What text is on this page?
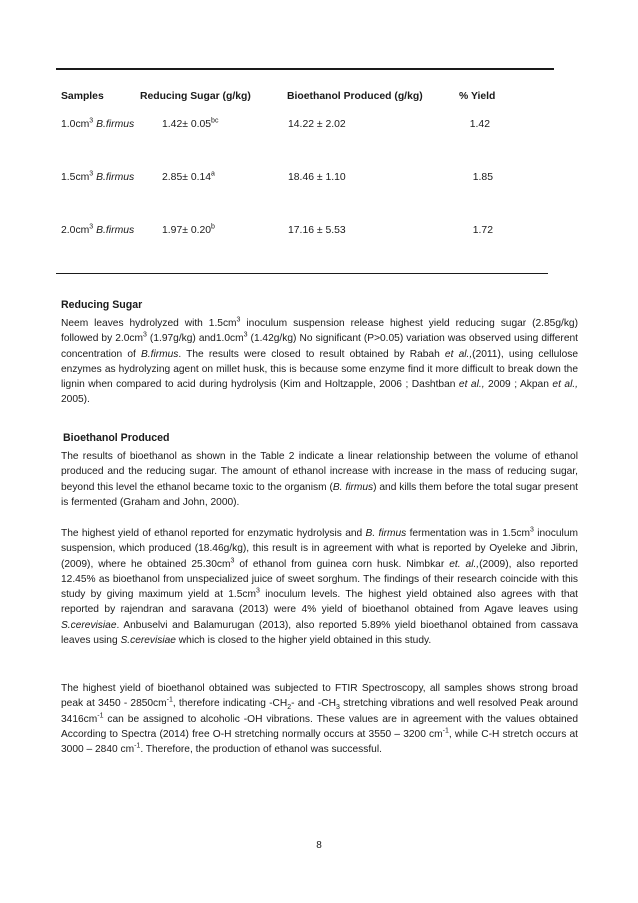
Samples	Reducing Sugar (g/kg)	Bioethanol Produced (g/kg)	% Yield
$1.0cm^3$ B.firmus	1.42± 0.05$^{bc}$	14.22 ± 2.02	1.42
$1.5cm^3$ B.firmus	2.85± 0.14$^a$	18.46 ± 1.10	1.85
$2.0cm^3$ B.firmus	1.97± 0.20$^b$	17.16 ± 5.53	1.72
Reducing Sugar

Neem leaves hydrolyzed with $1.5cm^3$ inoculum suspension release highest yield reducing sugar (2.85g/kg) followed by $2.0cm^3$ (1.97g/kg) $and1.0cm^3$ (1.42g/kg) No significant (P>0.05) variation was observed using different concentration of B.firmus. The results were closed to result obtained by Rabah et al.,(2011), using cellulose enzymes as hydrolyzing agent on millet husk, this is because some enzyme find it more difficult to break down the lignin when compared to acid during hydrolysis (Kim and Holtzapple, 2006 ; Dashtban et al., 2009 ; Akpan et al., 2005).

Bioethanol Produced

The results of bioethanol as shown in the Table 2 indicate a linear relationship between the volume of ethanol produced and the reducing sugar. The amount of ethanol increase with increase in the mass of reducing sugar, beyond this level the ethanol became toxic to the organism (B. firmus) and kills them before the total sugar present is fermented (Graham and John, 2000).

The highest yield of ethanol reported for enzymatic hydrolysis and B. firmus fermentation was in $1.5cm^3$ inoculum suspension, which produced (18.46g/kg), this result is in agreement with what is reported by Oyeleke and Jibrin, (2009), where he obtained $25.30cm^3$ of ethanol from guinea corn husk. Nimbkar et. al.,(2009), also reported 12.45% as bioethanol from unspecialized juice of sweet sorghum. The findings of their research coincide with this study by giving maximum yield at $1.5cm^3$ inoculum levels. The highest yield obtained also agrees with that reported by rajendran and saravana (2013) were 4% yield of bioethanol obtained from Agave leaves using S.cerevisiae. Anbuselvi and Balamurugan (2013), also reported 5.89% yield bioethanol obtained from cassava leaves using S.cerevisiae which is closed to the higher yield obtained in this study.

The highest yield of bioethanol obtained was subjected to FTIR Spectroscopy, all samples shows strong broad peak at $3450 - 2850cm^{-1}$, therefore indicating $-CH_2-$ and $-CH_3$ stretching vibrations and well resolved Peak around $3416cm^{-1}$ can be assigned to alcoholic -OH vibrations. These values are in agreement with the values obtained According to Spectra (2014) free O-H stretching normally occurs at 3550 – 3200 $cm^{-1}$, while C-H stretch occurs at 3000 – 2840 $cm^{-1}$. Therefore, the production of ethanol was successful.

8
